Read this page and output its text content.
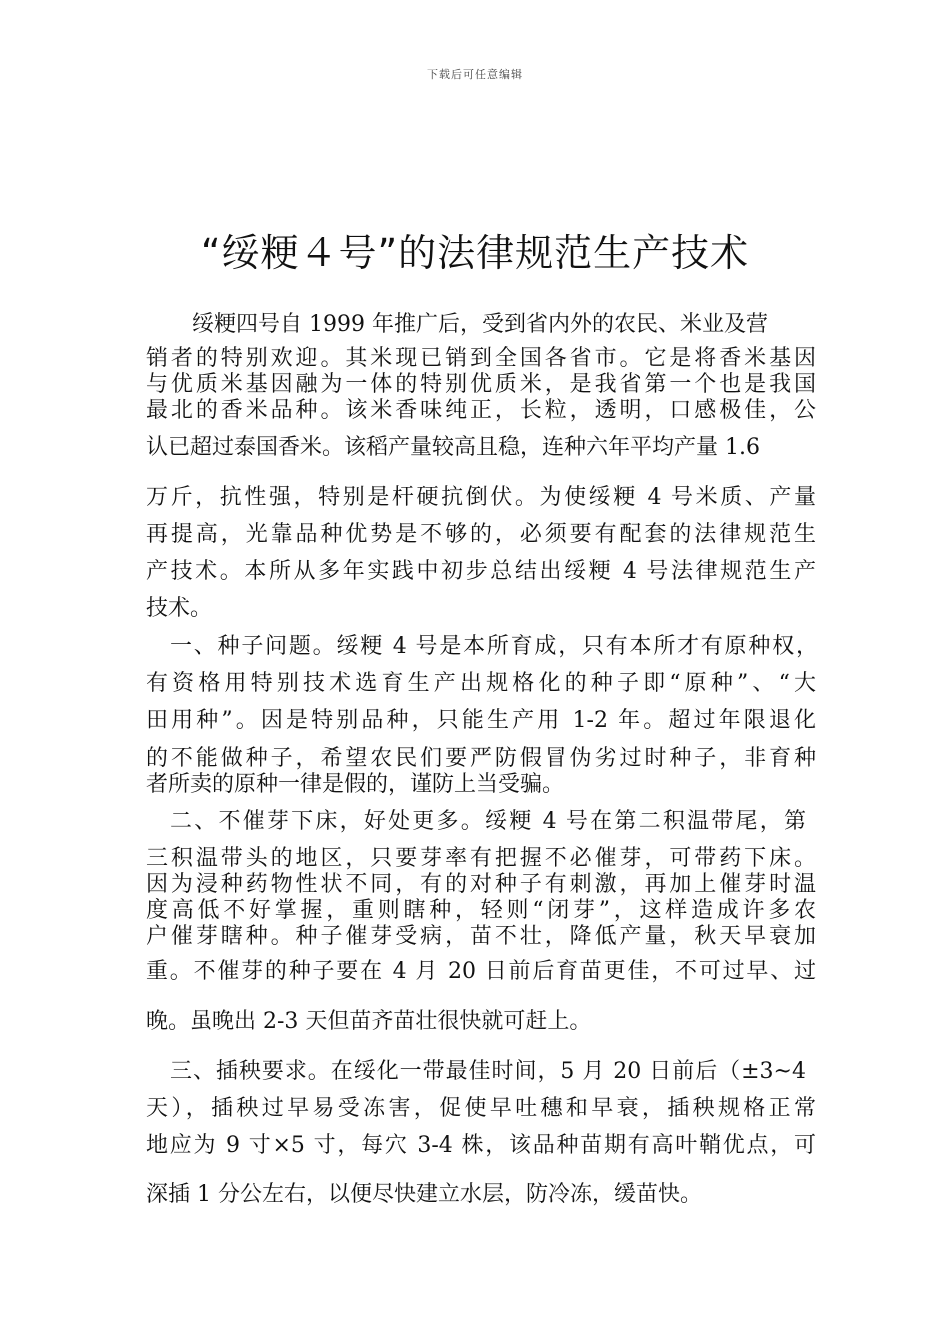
下载后可任意编辑
“绥粳４号”的法律规范生产技术
绥粳四号自 1999 年推广后，受到省内外的农民、米业及营
销者的特别欢迎。其米现已销到全国各省市。它是将香米基因
与优质米基因融为一体的特别优质米，是我省第一个也是我国
最北的香米品种。该米香味纯正，长粒，透明，口感极佳，公
认已超过泰国香米。该稻产量较高且稳，连种六年平均产量 1.6
万斤，抗性强，特别是杆硬抗倒伏。为使绥粳 4 号米质、产量
再提高，光靠品种优势是不够的，必须要有配套的法律规范生
产技术。本所从多年实践中初步总结出绥粳 4 号法律规范生产
技术。
一、种子问题。绥粳 4 号是本所育成，只有本所才有原种权，
有资格用特别技术选育生产出规格化的种子即“原种”、“大
田用种”。因是特别品种，只能生产用 1-2 年。超过年限退化
的不能做种子，希望农民们要严防假冒伪劣过时种子，非育种
者所卖的原种一律是假的，谨防上当受骗。
二、不催芽下床，好处更多。绥粳 4 号在第二积温带尾，第
三积温带头的地区，只要芽率有把握不必催芽，可带药下床。
因为浸种药物性状不同，有的对种子有刺激，再加上催芽时温
度高低不好掌握，重则瞎种，轻则“闭芽”，这样造成许多农
户催芽瞎种。种子催芽受病，苗不壮，降低产量，秋天早衰加
重。不催芽的种子要在 4 月 20 日前后育苗更佳，不可过早、过
晚。虽晚出 2-3 天但苗齐苗壮很快就可赶上。
三、插秧要求。在绥化一带最佳时间，5 月 20 日前后（±3~4
天），插秧过早易受冻害，促使早吐穗和早衰，插秧规格正常
地应为 9 寸×5 寸，每穴 3-4 株，该品种苗期有高叶鞘优点，可
深插 1 分公左右，以便尽快建立水层，防冷冻，缓苗快。
